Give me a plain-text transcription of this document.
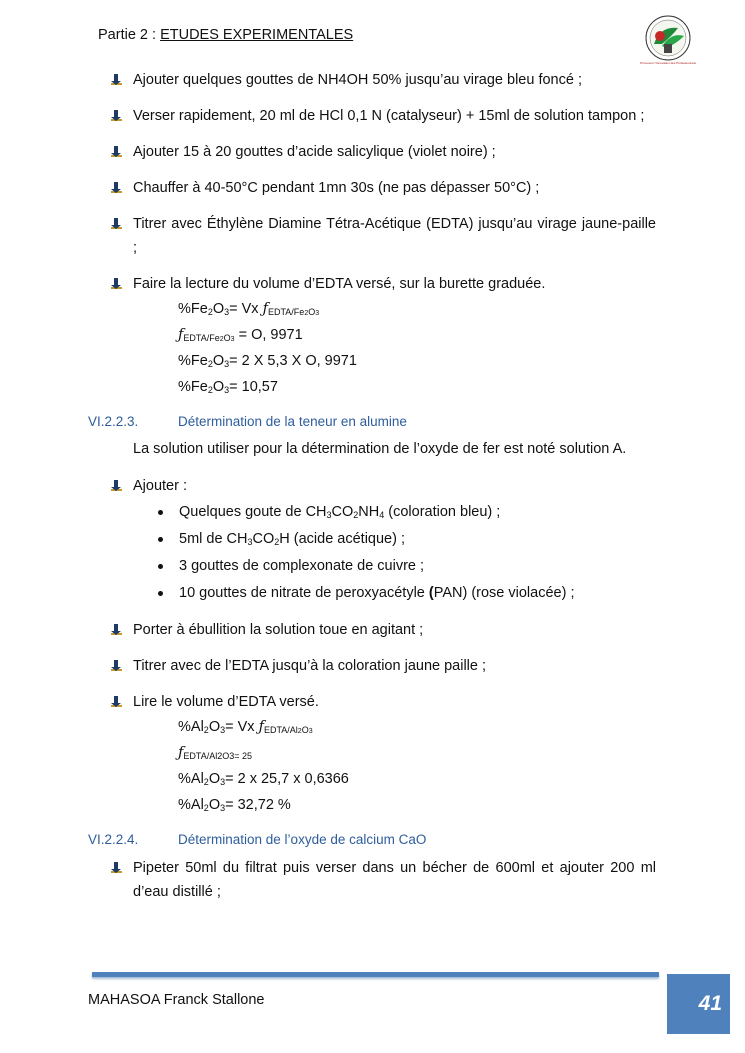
Partie 2 : ETUDES EXPERIMENTALES
Promovoir l’Innovation des Professionnels
Ajouter quelques gouttes de NH4OH 50% jusqu’au virage bleu foncé ;
Verser rapidement, 20 ml de HCl 0,1 N (catalyseur) + 15ml de solution tampon ;
Ajouter 15 à 20 gouttes d’acide salicylique (violet noire) ;
Chauffer à 40-50°C pendant 1mn 30s (ne pas dépasser 50°C) ;
Titrer avec Éthylène Diamine Tétra-Acétique (EDTA) jusqu’au virage jaune-paille ;
Faire la lecture du volume d’EDTA versé, sur la burette graduée.
$\%Fe_2O_3= Vx$ $ƒ_{EDTA/Fe2O3}$
$ƒ_{EDTA/Fe2O3} = O$, 9971
$\%Fe_2O_3= 2$ X 5,3 X O, 9971
$\%Fe_2O_3= 10,57$
VI.2.2.3.	Détermination de la teneur en alumine
La solution utiliser pour la détermination de l’oxyde de fer est noté solution A.
Ajouter :
Quelques goute de $CH_3CO_2NH_4$ (coloration bleu) ;
5ml de $CH_3CO_2H$ (acide acétique) ;
3 gouttes de complexonate de cuivre ;
10 gouttes de nitrate de peroxyacétyle (PAN) (rose violacée) ;
Porter à ébullition la solution toue en agitant ;
Titrer avec de l’EDTA jusqu’à la coloration jaune paille ;
Lire le volume d’EDTA versé.
$\%Al_2O_3= Vx$ $ƒ_{EDTA/Al2O3}$
$ƒ_{EDTA/Al2O3= 25}$
$\%Al_2O_3= 2$ x 25,7 x 0,6366
$\%Al_2O_3= 32,72$ %
VI.2.2.4.	Détermination de l’oxyde de calcium CaO
Pipeter 50ml du filtrat puis verser dans un bécher de 600ml et ajouter 200 ml d’eau distillé ;
MAHASOA Franck Stallone	41
